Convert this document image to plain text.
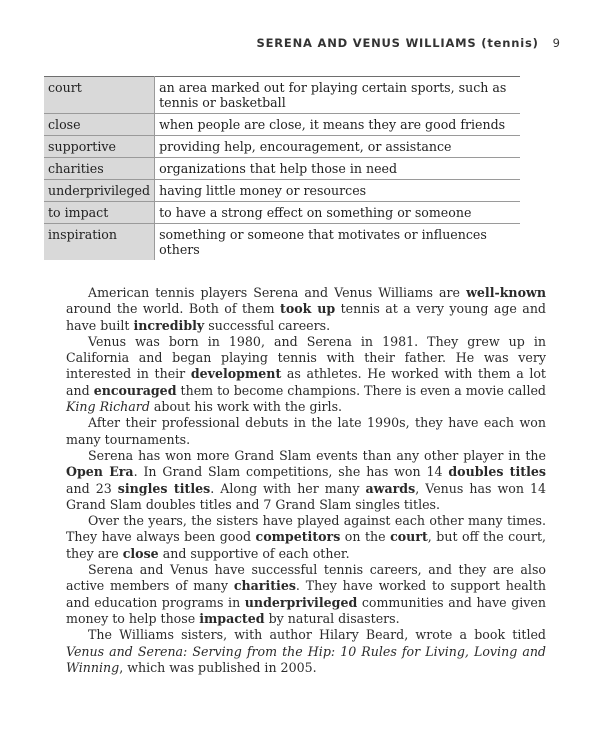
SERENA AND VENUS WILLIAMS (tennis) 9
court	an area marked out for playing certain sports, such as tennis or basketball
close	when people are close, it means they are good friends
supportive	providing help, encouragement, or assistance
charities	organizations that help those in need
underprivileged	having little money or resources
to impact	to have a strong effect on something or someone
inspiration	something or someone that motivates or influences others

American tennis players Serena and Venus Williams are well-known around the world. Both of them took up tennis at a very young age and have built incredibly successful careers.

Venus was born in 1980, and Serena in 1981. They grew up in California and began playing tennis with their father. He was very interested in their development as athletes. He worked with them a lot and encouraged them to become champions. There is even a movie called King Richard about his work with the girls.

After their professional debuts in the late 1990s, they have each won many tournaments.

Serena has won more Grand Slam events than any other player in the Open Era. In Grand Slam competitions, she has won 14 doubles titles and 23 singles titles. Along with her many awards, Venus has won 14 Grand Slam doubles titles and 7 Grand Slam singles titles.

Over the years, the sisters have played against each other many times. They have always been good competitors on the court, but off the court, they are close and supportive of each other.

Serena and Venus have successful tennis careers, and they are also active members of many charities. They have worked to support health and education programs in underprivileged communities and have given money to help those impacted by natural disasters.

The Williams sisters, with author Hilary Beard, wrote a book titled Venus and Serena: Serving from the Hip: 10 Rules for Living, Loving and Winning, which was published in 2005.
